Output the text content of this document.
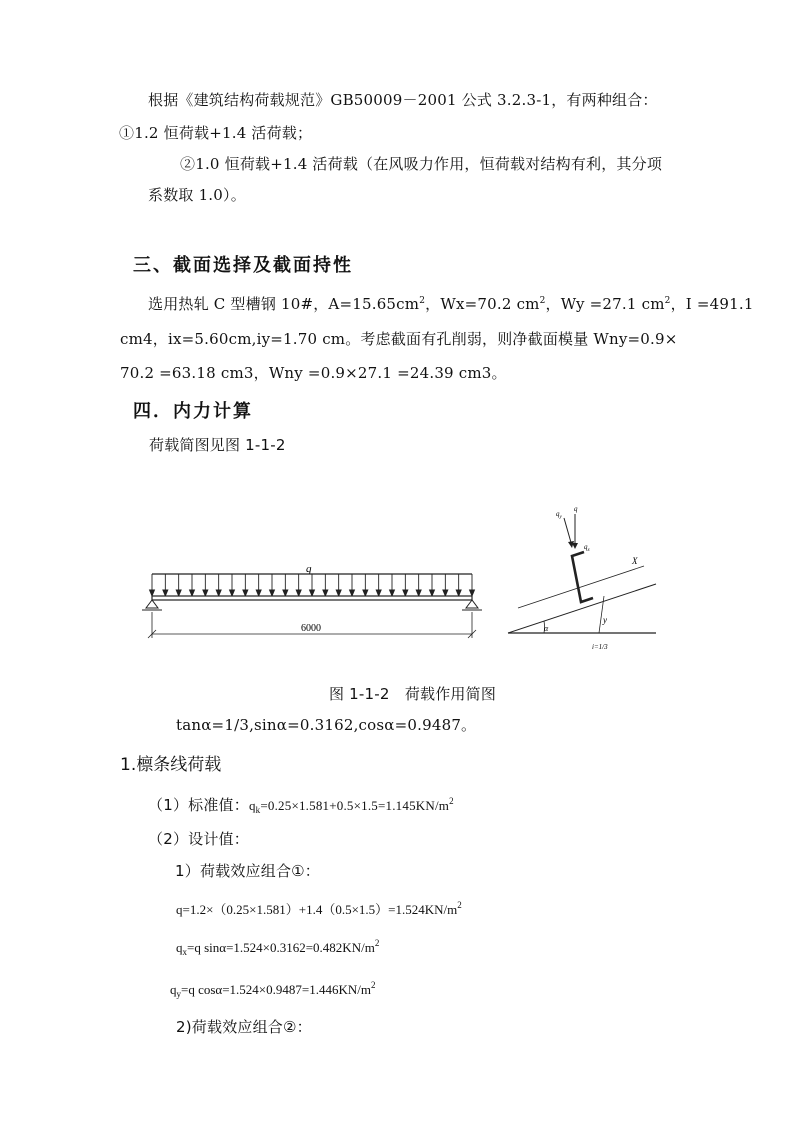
根据《建筑结构荷载规范》GB50009－2001 公式 3.2.3-1，有两种组合：
①1.2 恒荷载+1.4 活荷载；
②1.0 恒荷载+1.4 活荷载（在风吸力作用，恒荷载对结构有利，其分项
系数取 1.0）。
三、截面选择及截面持性
选用热轧 C 型槽钢 10#，$A=15.65cm^2$，Wx=70.2 $cm^2$，Wy =27.1 $cm^2$，I =491.1
cm4，ix=5.60cm,iy=1.70 cm。考虑截面有孔削弱，则净截面模量 Wny=0.9×
70.2 =63.18 cm3，Wny =0.9×27.1 =24.39 cm3。
四．内力计算
荷载简图见图 1-1-2
q
6000
X
α
y
$q_y$
q
$q_x$
i=1/3
图 1-1-2　荷载作用简图
tanα=1/3,sinα=0.3162,cosα=0.9487。
1.檩条线荷载
（1）标准值：$q_k=0.25\times 1.581+0.5\times 1.5=1.145KN/m^2$
（2）设计值：
1）荷载效应组合①：
$q=1.2\times(0.25\times 1.581)+1.4(0.5\times 1.5)=1.524KN/m^2$
$q_x=q$ $\sin\alpha=1.524\times 0.3162=0.482KN/m^2$
$q_y=q$ $\cos\alpha=1.524\times 0.9487=1.446KN/m^2$
2)荷载效应组合②：
